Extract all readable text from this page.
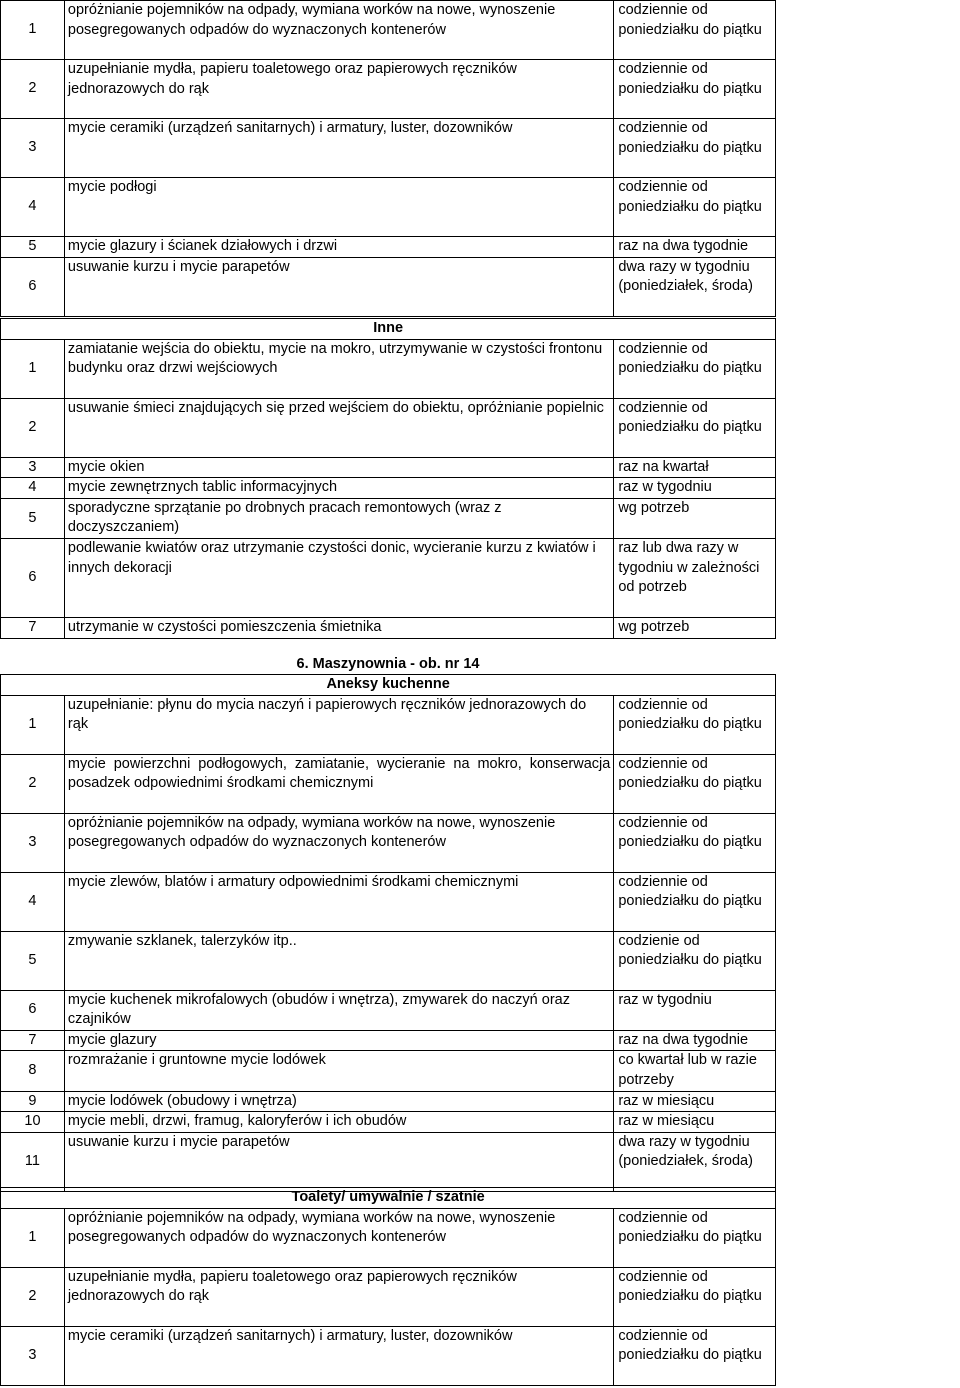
1	opróżnianie pojemników na odpady, wymiana worków na nowe, wynoszenie posegregowanych odpadów do wyznaczonych kontenerów	codziennie od poniedziałku do piątku	
2	uzupełnianie mydła, papieru toaletowego oraz papierowych ręczników jednorazowych do rąk	codziennie od poniedziałku do piątku	
3	mycie ceramiki (urządzeń sanitarnych) i armatury, luster, dozowników	codziennie od poniedziałku do piątku	
4	mycie podłogi	codziennie od poniedziałku do piątku	
5	mycie glazury i ścianek działowych i drzwi	raz na dwa tygodnie	
6	usuwanie kurzu i mycie parapetów	dwa razy w tygodniu (poniedziałek, środa)	
Inne			
1	zamiatanie wejścia do obiektu, mycie na mokro, utrzymywanie w czystości frontonu budynku oraz drzwi wejściowych	codziennie od poniedziałku do piątku	
2	usuwanie śmieci znajdujących się przed wejściem do obiektu, opróżnianie popielnic	codziennie od poniedziałku do piątku	
3	mycie okien	raz na kwartał	
4	mycie zewnętrznych tablic informacyjnych	raz w tygodniu	
5	sporadyczne sprzątanie po drobnych pracach remontowych (wraz z doczyszczaniem)	wg potrzeb	
6	podlewanie kwiatów oraz utrzymanie czystości donic, wycieranie kurzu z kwiatów i innych dekoracji	raz lub dwa razy w tygodniu w zależności od potrzeb	
7	utrzymanie w czystości pomieszczenia śmietnika	wg potrzeb	
6. Maszynownia - ob. nr 14
Aneksy kuchenne			
1	uzupełnianie: płynu do mycia naczyń i papierowych ręczników jednorazowych do rąk	codziennie od poniedziałku do piątku	
2	mycie powierzchni podłogowych, zamiatanie, wycieranie na mokro, konserwacja posadzek odpowiednimi środkami chemicznymi	codziennie od poniedziałku do piątku	
3	opróżnianie pojemników na odpady, wymiana worków na nowe, wynoszenie posegregowanych odpadów do wyznaczonych kontenerów	codziennie od poniedziałku do piątku	
4	mycie zlewów, blatów i armatury odpowiednimi środkami chemicznymi	codziennie od poniedziałku do piątku	
5	zmywanie szklanek, talerzyków itp..	codzienie od poniedziałku do piątku	
6	mycie kuchenek mikrofalowych (obudów i wnętrza), zmywarek do naczyń oraz czajników	raz w tygodniu	
7	mycie glazury	raz na dwa tygodnie	
8	rozmrażanie i gruntowne mycie lodówek	co kwartał lub w razie potrzeby	
9	mycie lodówek (obudowy i wnętrza)	raz w miesiącu	
10	mycie mebli, drzwi, framug, kaloryferów i ich obudów	raz w miesiącu	
11	usuwanie kurzu i mycie parapetów	dwa razy w tygodniu (poniedziałek, środa)	
Toalety/ umywalnie / szatnie			
1	opróżnianie pojemników na odpady, wymiana worków na nowe, wynoszenie posegregowanych odpadów do wyznaczonych kontenerów	codziennie od poniedziałku do piątku	
2	uzupełnianie mydła, papieru toaletowego oraz papierowych ręczników jednorazowych do rąk	codziennie od poniedziałku do piątku	
3	mycie ceramiki (urządzeń sanitarnych) i armatury, luster, dozowników	codziennie od poniedziałku do piątku	
